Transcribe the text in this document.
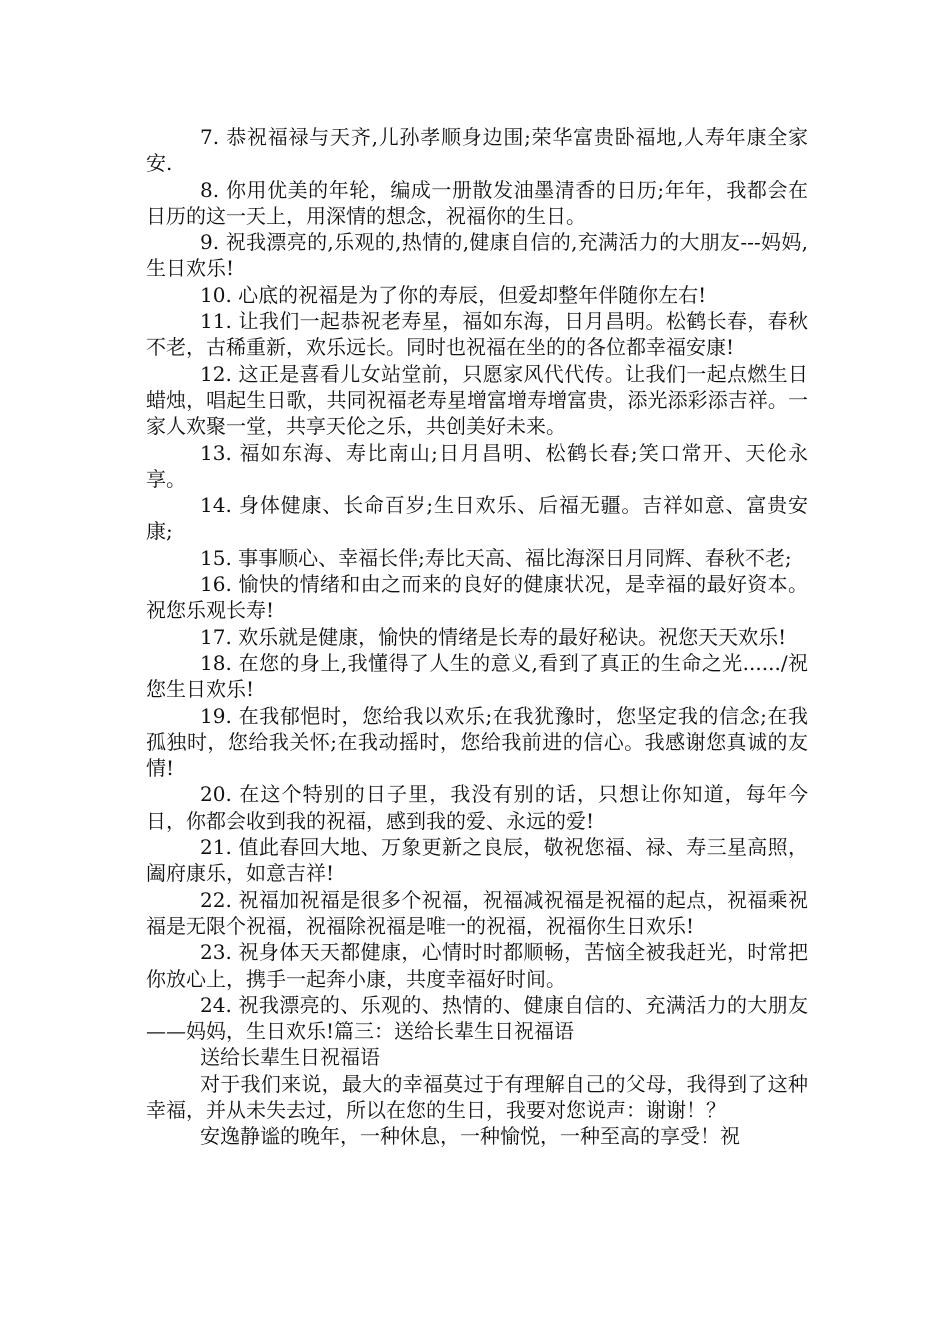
7. 恭祝福禄与天齐,儿孙孝顺身边围;荣华富贵卧福地,人寿年康全家安.

8. 你用优美的年轮，编成一册散发油墨清香的日历;年年，我都会在日历的这一天上，用深情的想念，祝福你的生日。

9. 祝我漂亮的,乐观的,热情的,健康自信的,充满活力的大朋友---妈妈,生日欢乐!

10. 心底的祝福是为了你的寿辰，但爱却整年伴随你左右!

11. 让我们一起恭祝老寿星，福如东海，日月昌明。松鹤长春，春秋不老，古稀重新，欢乐远长。同时也祝福在坐的的各位都幸福安康!

12. 这正是喜看儿女站堂前，只愿家风代代传。让我们一起点燃生日蜡烛，唱起生日歌，共同祝福老寿星增富增寿增富贵，添光添彩添吉祥。一家人欢聚一堂，共享天伦之乐，共创美好未来。

13. 福如东海、寿比南山;日月昌明、松鹤长春;笑口常开、天伦永享。

14. 身体健康、长命百岁;生日欢乐、后福无疆。吉祥如意、富贵安康;

15. 事事顺心、幸福长伴;寿比天高、福比海深日月同辉、春秋不老;

16. 愉快的情绪和由之而来的良好的健康状况，是幸福的最好资本。祝您乐观长寿!

17. 欢乐就是健康，愉快的情绪是长寿的最好秘诀。祝您天天欢乐!

18. 在您的身上,我懂得了人生的意义,看到了真正的生命之光....../祝您生日欢乐!

19. 在我郁悒时，您给我以欢乐;在我犹豫时，您坚定我的信念;在我孤独时，您给我关怀;在我动摇时，您给我前进的信心。我感谢您真诚的友情!

20. 在这个特别的日子里，我没有别的话，只想让你知道，每年今日，你都会收到我的祝福，感到我的爱、永远的爱!

21. 值此春回大地、万象更新之良辰，敬祝您福、禄、寿三星高照，阖府康乐，如意吉祥!

22. 祝福加祝福是很多个祝福，祝福减祝福是祝福的起点，祝福乘祝福是无限个祝福，祝福除祝福是唯一的祝福，祝福你生日欢乐!

23. 祝身体天天都健康，心情时时都顺畅，苦恼全被我赶光，时常把你放心上，携手一起奔小康，共度幸福好时间。

24. 祝我漂亮的、乐观的、热情的、健康自信的、充满活力的大朋友——妈妈，生日欢乐!篇三：送给长辈生日祝福语

送给长辈生日祝福语

对于我们来说，最大的幸福莫过于有理解自己的父母，我得到了这种幸福，并从未失去过，所以在您的生日，我要对您说声：谢谢！？

安逸静谧的晚年，一种休息，一种愉悦，一种至高的享受！祝
